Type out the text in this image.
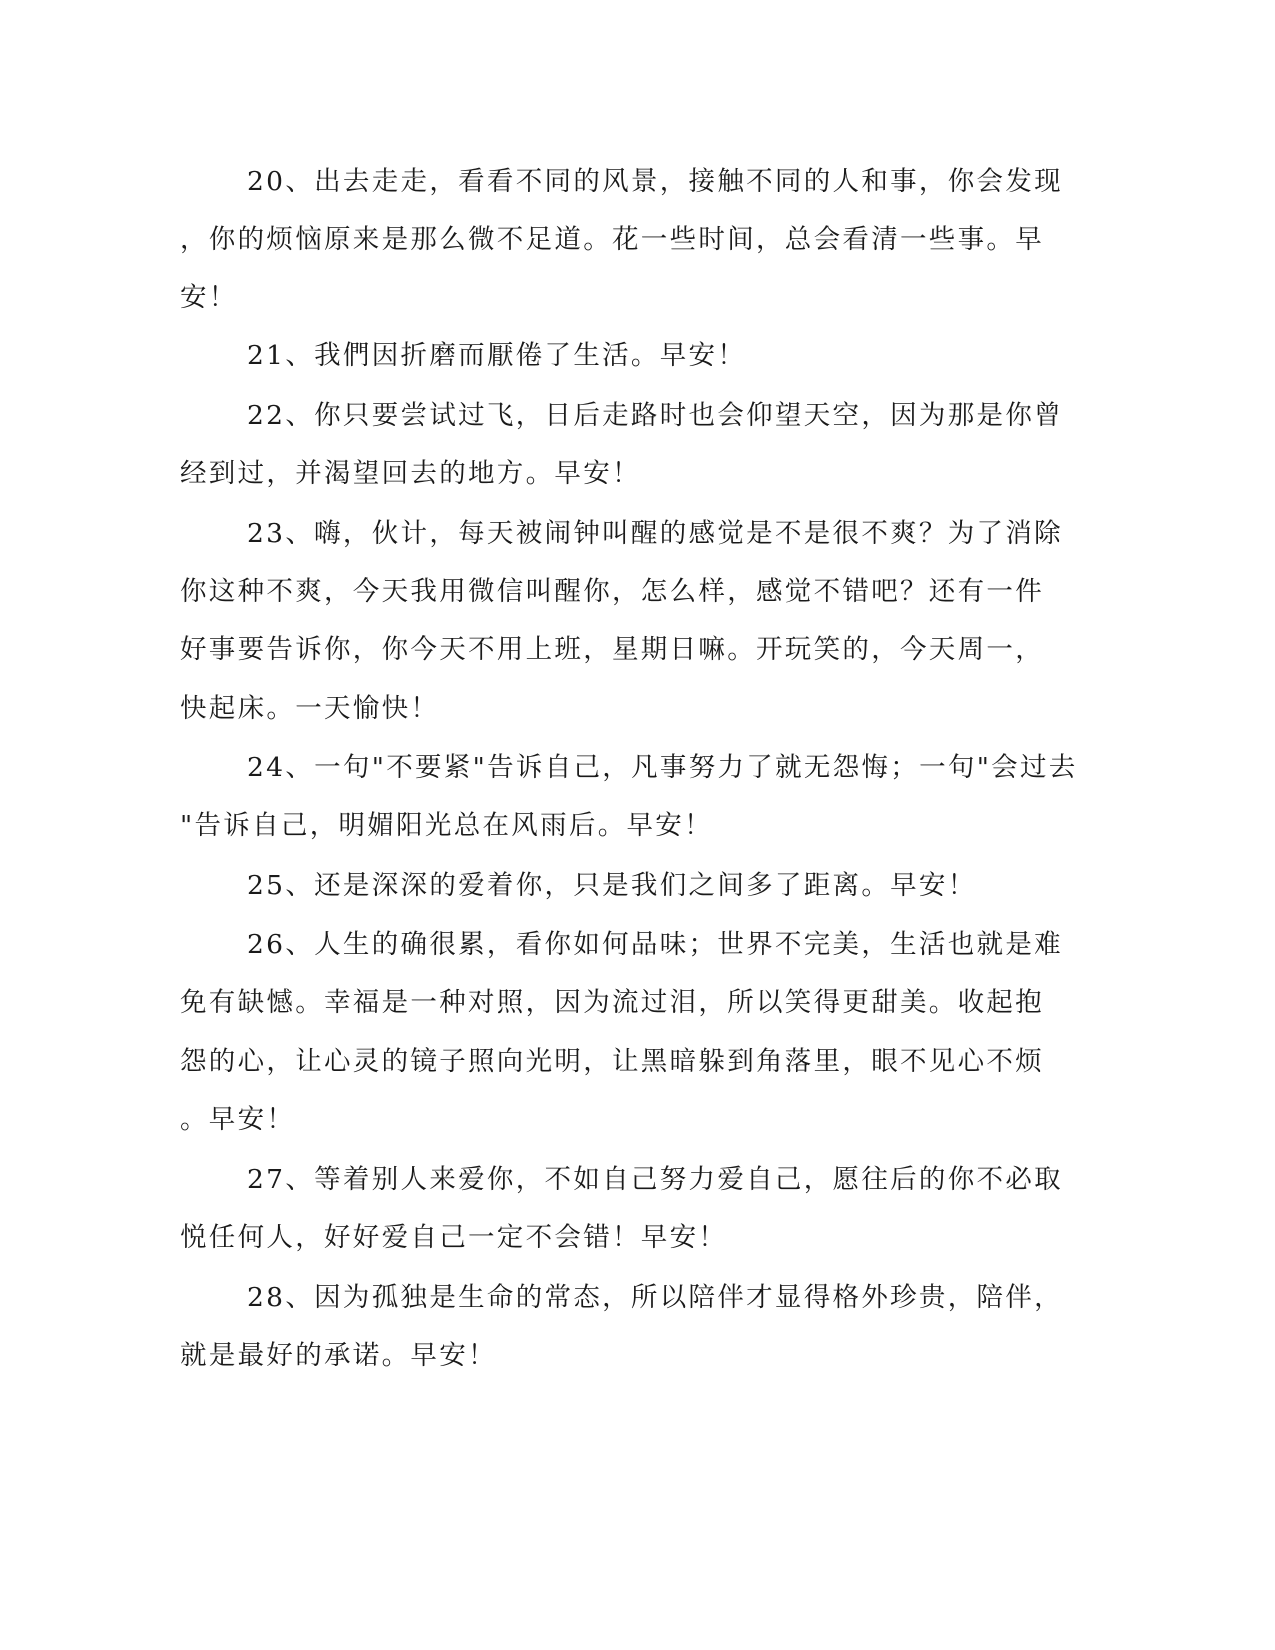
20、出去走走，看看不同的风景，接触不同的人和事，你会发现
，你的烦恼原来是那么微不足道。花一些时间，总会看清一些事。早
安！
21、我們因折磨而厭倦了生活。早安！
22、你只要尝试过飞，日后走路时也会仰望天空，因为那是你曾
经到过，并渴望回去的地方。早安！
23、嗨，伙计，每天被闹钟叫醒的感觉是不是很不爽？为了消除
你这种不爽，今天我用微信叫醒你，怎么样，感觉不错吧？还有一件
好事要告诉你，你今天不用上班，星期日嘛。开玩笑的，今天周一，
快起床。一天愉快！
24、一句"不要紧"告诉自己，凡事努力了就无怨悔；一句"会过去
"告诉自己，明媚阳光总在风雨后。早安！
25、还是深深的爱着你，只是我们之间多了距离。早安！
26、人生的确很累，看你如何品味；世界不完美，生活也就是难
免有缺憾。幸福是一种对照，因为流过泪，所以笑得更甜美。收起抱
怨的心，让心灵的镜子照向光明，让黑暗躲到角落里，眼不见心不烦
。早安！
27、等着别人来爱你，不如自己努力爱自己，愿往后的你不必取
悦任何人，好好爱自己一定不会错！早安！
28、因为孤独是生命的常态，所以陪伴才显得格外珍贵，陪伴，
就是最好的承诺。早安！
